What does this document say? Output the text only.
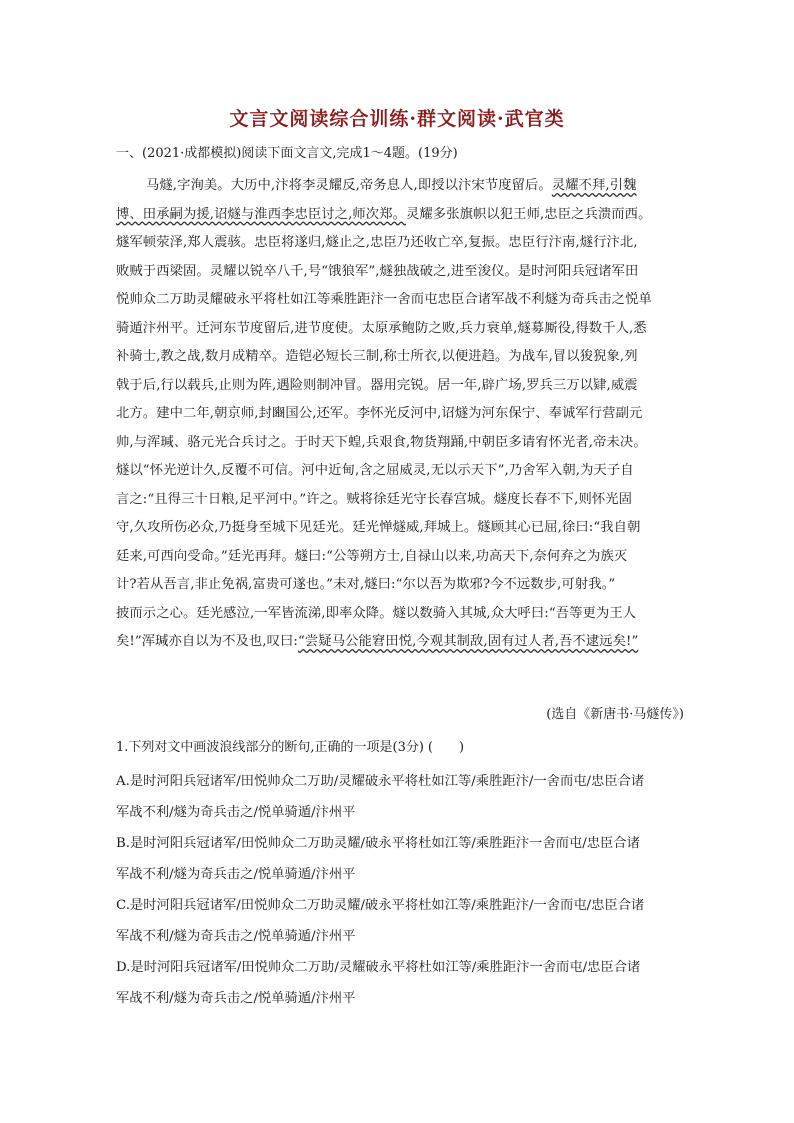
文言文阅读综合训练·群文阅读·武官类
一、(2021·成都模拟)阅读下面文言文,完成1～4题。(19分)
马燧,字洵美。大历中,汴将李灵耀反,帝务息人,即授以汴宋节度留后。灵耀不拜,引魏
博、田承嗣为援,诏燧与淮西李忠臣讨之,师次郑。灵耀多张旗帜以犯王师,忠臣之兵溃而西。
燧军顿荥泽,郑人震骇。忠臣将遂归,燧止之,忠臣乃还收亡卒,复振。忠臣行汴南,燧行汴北,
败贼于西梁固。灵耀以锐卒八千,号“饿狼军”,燧独战破之,进至浚仪。是时河阳兵冠诸军田
悦帅众二万助灵耀破永平将杜如江等乘胜距汴一舍而屯忠臣合诸军战不利燧为奇兵击之悦单
骑遁汴州平。迁河东节度留后,进节度使。太原承鲍防之败,兵力衰单,燧募厮役,得数千人,悉
补骑士,教之战,数月成精卒。造铠必短长三制,称士所衣,以便进趋。为战车,冒以狻猊象,列
戟于后,行以载兵,止则为阵,遇险则制冲冒。器用完锐。居一年,辟广场,罗兵三万以肄,威震
北方。建中二年,朝京师,封豳国公,还军。李怀光反河中,诏燧为河东保宁、奉诚军行营副元
帅,与浑瑊、骆元光合兵讨之。于时天下蝗,兵艰食,物货翔踊,中朝臣多请宥怀光者,帝未决。
燧以“怀光逆计久,反覆不可信。河中近甸,含之屈威灵,无以示天下”,乃舍军入朝,为天子自
言之:“且得三十日粮,足平河中。”许之。贼将徐廷光守长春宫城。燧度长春不下,则怀光固
守,久攻所伤必众,乃挺身至城下见廷光。廷光惮燧威,拜城上。燧顾其心已屈,徐曰:“我自朝
廷来,可西向受命。”廷光再拜。燧曰:“公等朔方士,自禄山以来,功高天下,奈何弃之为族灭
计?若从吾言,非止免祸,富贵可遂也。”未对,燧曰:“尔以吾为欺邪?今不远数步,可射我。”
披而示之心。廷光感泣,一军皆流涕,即率众降。燧以数骑入其城,众大呼曰:“吾等更为王人
矣!”浑瑊亦自以为不及也,叹曰:“尝疑马公能窘田悦,今观其制敌,固有过人者,吾不逮远矣!”
(选自《新唐书·马燧传》)
1.下列对文中画波浪线部分的断句,正确的一项是(3分) (　　)
A.是时河阳兵冠诸军/田悦帅众二万助/灵耀破永平将杜如江等/乘胜距汴/一舍而屯/忠臣合诸
军战不利/燧为奇兵击之/悦单骑遁/汴州平
B.是时河阳兵冠诸军/田悦帅众二万助灵耀/破永平将杜如江等/乘胜距汴一舍而屯/忠臣合诸
军战不利/燧为奇兵击之/悦单骑遁/汴州平
C.是时河阳兵冠诸军/田悦帅众二万助灵耀/破永平将杜如江等/乘胜距汴/一舍而屯/忠臣合诸
军战不利/燧为奇兵击之/悦单骑遁/汴州平
D.是时河阳兵冠诸军/田悦帅众二万助/灵耀破永平将杜如江等/乘胜距汴一舍而屯/忠臣合诸
军战不利/燧为奇兵击之/悦单骑遁/汴州平
